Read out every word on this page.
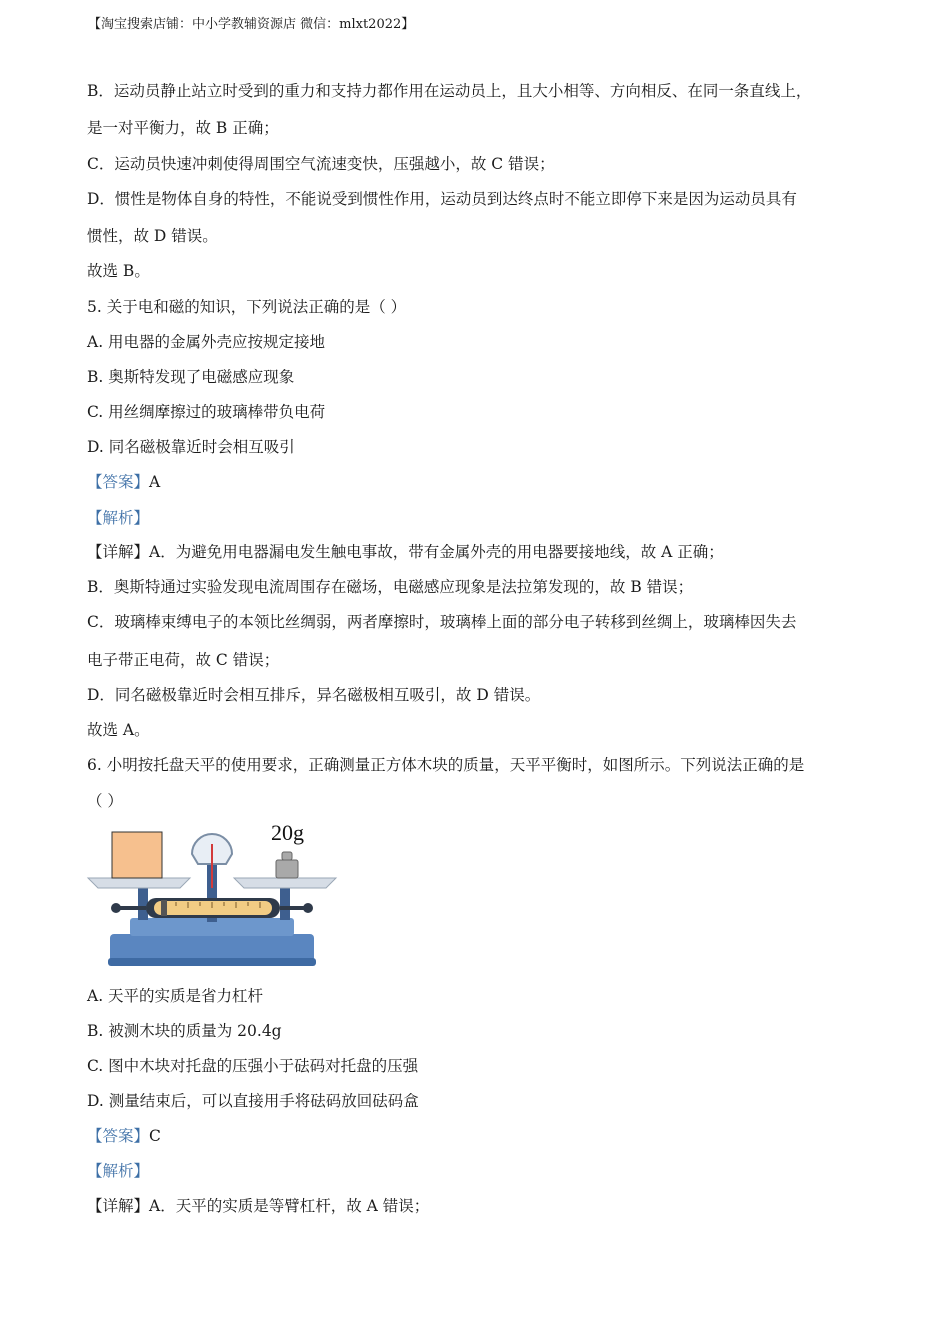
【淘宝搜索店铺：中小学教辅资源店 微信：mlxt2022】
B．运动员静止站立时受到的重力和支持力都作用在运动员上，且大小相等、方向相反、在同一条直线上，
是一对平衡力，故 B 正确；
C．运动员快速冲刺使得周围空气流速变快，压强越小，故 C 错误；
D．惯性是物体自身的特性，不能说受到惯性作用，运动员到达终点时不能立即停下来是因为运动员具有
惯性，故 D 错误。
故选 B。
5. 关于电和磁的知识，下列说法正确的是（ ）
A. 用电器的金属外壳应按规定接地
B. 奥斯特发现了电磁感应现象
C. 用丝绸摩擦过的玻璃棒带负电荷
D. 同名磁极靠近时会相互吸引
【答案】A
【解析】
【详解】A．为避免用电器漏电发生触电事故，带有金属外壳的用电器要接地线，故 A 正确；
B．奥斯特通过实验发现电流周围存在磁场，电磁感应现象是法拉第发现的，故 B 错误；
C．玻璃棒束缚电子的本领比丝绸弱，两者摩擦时，玻璃棒上面的部分电子转移到丝绸上，玻璃棒因失去
电子带正电荷，故 C 错误；
D．同名磁极靠近时会相互排斥，异名磁极相互吸引，故 D 错误。
故选 A。
6. 小明按托盘天平的使用要求，正确测量正方体木块的质量，天平平衡时，如图所示。下列说法正确的是
（ ）
20g
A. 天平的实质是省力杠杆
B. 被测木块的质量为 20.4g
C. 图中木块对托盘的压强小于砝码对托盘的压强
D. 测量结束后，可以直接用手将砝码放回砝码盒
【答案】C
【解析】
【详解】A．天平的实质是等臂杠杆，故 A 错误；
